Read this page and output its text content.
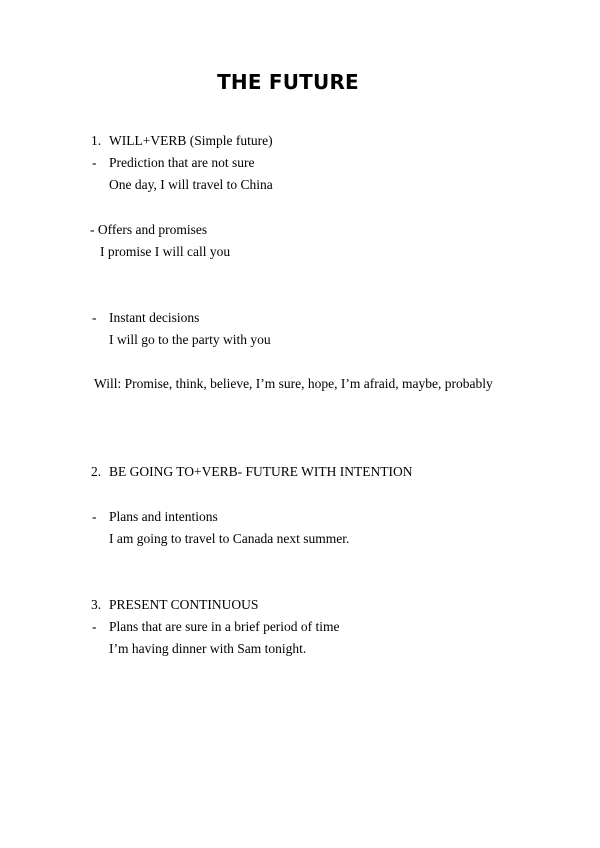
THE FUTURE
1. WILL+VERB (Simple future)
- Prediction that are not sure
One day, I will travel to China
- Offers and promises
I promise I will call you
- Instant decisions
I will go to the party with you
Will: Promise, think, believe, I’m sure, hope, I’m afraid, maybe, probably
2. BE GOING TO+VERB- FUTURE WITH INTENTION
- Plans and intentions
I am going to travel to Canada next summer.
3. PRESENT CONTINUOUS
- Plans that are sure in a brief period of time
I’m having dinner with Sam tonight.
